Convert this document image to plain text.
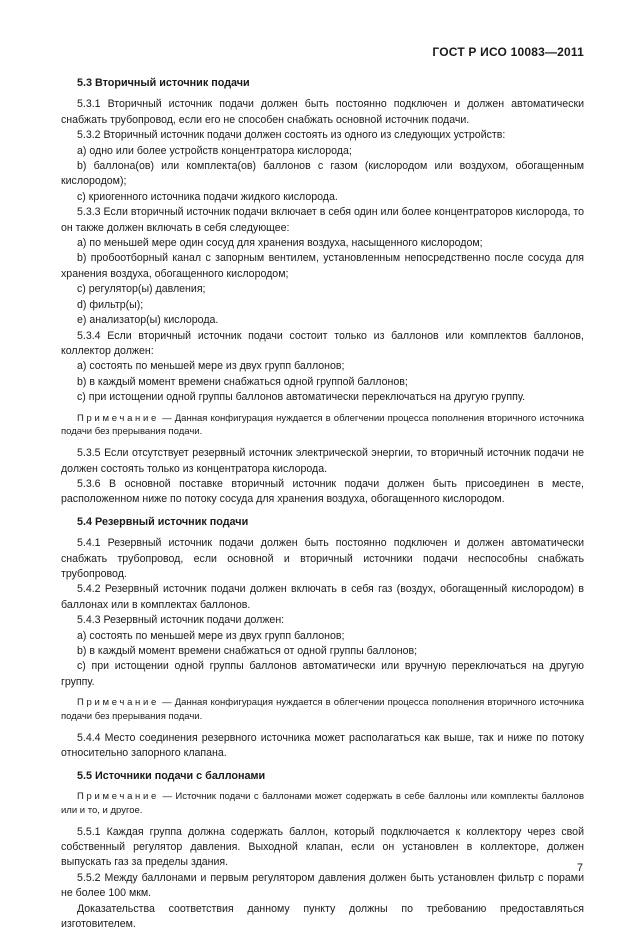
ГОСТ Р ИСО 10083—2011
5.3 Вторичный источник подачи

5.3.1 Вторичный источник подачи должен быть постоянно подключен и должен автоматически снабжать трубопровод, если его не способен снабжать основной источник подачи.

5.3.2 Вторичный источник подачи должен состоять из одного из следующих устройств:

а) одно или более устройств концентратора кислорода;

b) баллона(ов) или комплекта(ов) баллонов с газом (кислородом или воздухом, обогащенным кислородом);

с) криогенного источника подачи жидкого кислорода.

5.3.3 Если вторичный источник подачи включает в себя один или более концентраторов кислорода, то он также должен включать в себя следующее:

а) по меньшей мере один сосуд для хранения воздуха, насыщенного кислородом;

b) пробоотборный канал с запорным вентилем, установленным непосредственно после сосуда для хранения воздуха, обогащенного кислородом;

с) регулятор(ы) давления;

d) фильтр(ы);

е) анализатор(ы) кислорода.

5.3.4 Если вторичный источник подачи состоит только из баллонов или комплектов баллонов, коллектор должен:

а) состоять по меньшей мере из двух групп баллонов;

b) в каждый момент времени снабжаться одной группой баллонов;

с) при истощении одной группы баллонов автоматически переключаться на другую группу.

Примечание — Данная конфигурация нуждается в облегчении процесса пополнения вторичного источника подачи без прерывания подачи.

5.3.5 Если отсутствует резервный источник электрической энергии, то вторичный источник подачи не должен состоять только из концентратора кислорода.

5.3.6 В основной поставке вторичный источник подачи должен быть присоединен в месте, расположенном ниже по потоку сосуда для хранения воздуха, обогащенного кислородом.

5.4 Резервный источник подачи

5.4.1 Резервный источник подачи должен быть постоянно подключен и должен автоматически снабжать трубопровод, если основной и вторичный источники подачи неспособны снабжать трубопровод.

5.4.2 Резервный источник подачи должен включать в себя газ (воздух, обогащенный кислородом) в баллонах или в комплектах баллонов.

5.4.3 Резервный источник подачи должен:

а) состоять по меньшей мере из двух групп баллонов;

b) в каждый момент времени снабжаться от одной группы баллонов;

с) при истощении одной группы баллонов автоматически или вручную переключаться на другую группу.

Примечание — Данная конфигурация нуждается в облегчении процесса пополнения вторичного источника подачи без прерывания подачи.

5.4.4 Место соединения резервного источника может располагаться как выше, так и ниже по потоку относительно запорного клапана.

5.5 Источники подачи с баллонами

Примечание — Источник подачи с баллонами может содержать в себе баллоны или комплекты баллонов или и то, и другое.

5.5.1 Каждая группа должна содержать баллон, который подключается к коллектору через свой собственный регулятор давления. Выходной клапан, если он установлен в коллекторе, должен выпускать газ за пределы здания.

5.5.2 Между баллонами и первым регулятором давления должен быть установлен фильтр с порами не более 100 мкм.

Доказательства соответствия данному пункту должны по требованию предоставляться изготовителем.

7
